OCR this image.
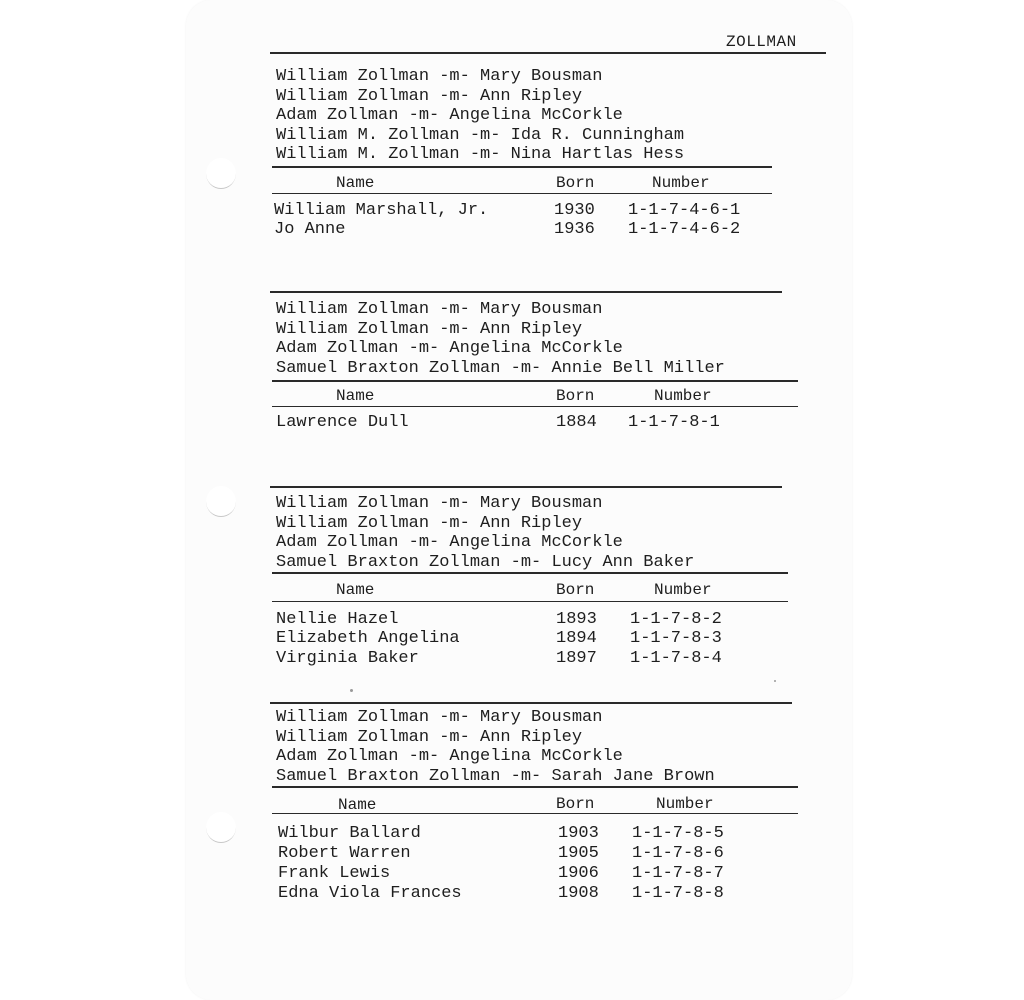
ZOLLMAN
William Zollman -m- Mary Bousman
William Zollman -m- Ann Ripley
Adam Zollman -m- Angelina McCorkle
William M. Zollman -m- Ida R. Cunningham
William M. Zollman -m- Nina Hartlas Hess
Name	Born	Number
William Marshall, Jr.	1930 1-1-7-4-6-1
Jo Anne	1936 1-1-7-4-6-2
William Zollman -m- Mary Bousman
William Zollman -m- Ann Ripley
Adam Zollman -m- Angelina McCorkle
Samuel Braxton Zollman -m- Annie Bell Miller
Name	Born	Number
Lawrence Dull	1884 1-1-7-8-1
William Zollman -m- Mary Bousman
William Zollman -m- Ann Ripley
Adam Zollman -m- Angelina McCorkle
Samuel Braxton Zollman -m- Lucy Ann Baker
Name	Born	Number
Nellie Hazel	1893 1-1-7-8-2
Elizabeth Angelina	1894 1-1-7-8-3
Virginia Baker	1897 1-1-7-8-4
William Zollman -m- Mary Bousman
William Zollman -m- Ann Ripley
Adam Zollman -m- Angelina McCorkle
Samuel Braxton Zollman -m- Sarah Jane Brown
Name	Born	Number
Wilbur Ballard	1903 1-1-7-8-5
Robert Warren	1905 1-1-7-8-6
Frank Lewis	1906 1-1-7-8-7
Edna Viola Frances	1908 1-1-7-8-8
